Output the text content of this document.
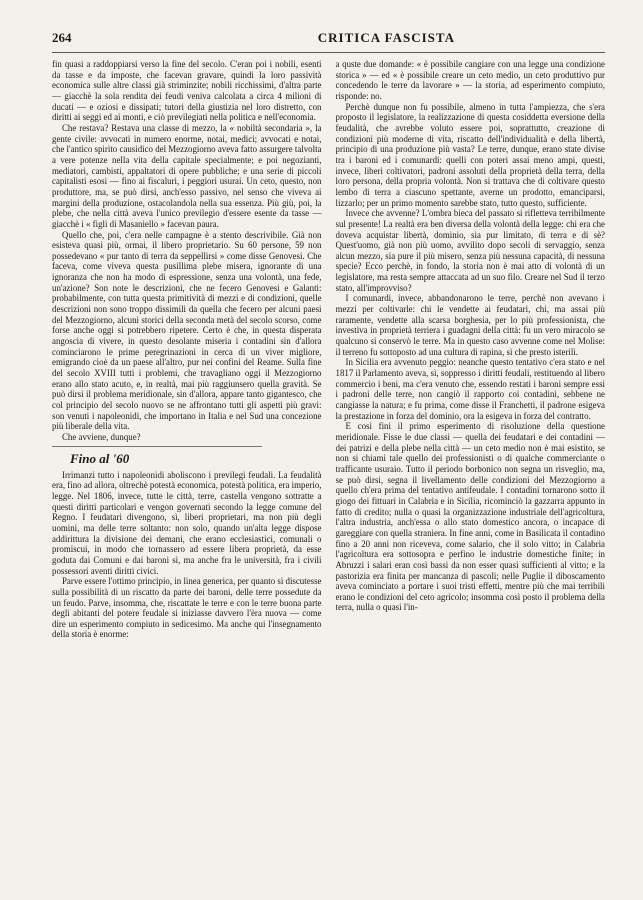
264	CRITICA FASCISTA

fin quasi a raddoppiarsi verso la fine del secolo. C'eran poi i nobili, esenti da tasse e da imposte, che facevan gravare, quindi la loro passività economica sulle altre classi già striminzite; nobili ricchissimi, d'altra parte — giacchè la sola rendita dei feudi veniva calcolata a circa 4 milioni di ducati — e oziosi e dissipati; tutori della giustizia nel loro distretto, con diritti ai seggi ed ai monti, e ciò previlegiati nella politica e nell'economia.

Che restava? Restava una classe di mezzo, la « nobiltà secondaria », la gente civile: avvocati in numero enorme, notai, medici; avvocati e notai, che l'antico spirito causidico del Mezzogiorno aveva fatto assurgere talvolta a vere potenze nella vita della capitale specialmente; e poi negozianti, mediatori, cambisti, appaltatori di opere pubbliche; e una serie di piccoli capitalisti esosi — fino ai fiscaluri, i peggiori usurai. Un ceto, questo, non produttore, ma, se può dirsi, anch'esso passivo, nel senso che viveva ai margini della produzione, ostacolandola nella sua essenza. Più giù, poi, la plebe, che nella città aveva l'unico previlegio d'essere esente da tasse — giacchè i « figli di Masaniello » facevan paura.

Quello che, poi, c'era nelle campagne è a stento descrivibile. Già non esisteva quasi più, ormai, il libero proprietario. Su 60 persone, 59 non possedevano « pur tanto di terra da seppellirsi » come disse Genovesi. Che faceva, come viveva questa pusillima plebe misera, ignorante di una ignoranza che non ha modo di espressione, senza una volontà, una fede, un'azione? Son note le descrizioni, che ne fecero Genovesi e Galanti: probabilmente, con tutta questa primitività di mezzi e di condizioni, quelle descrizioni non sono troppo dissimili da quella che fecero per alcuni paesi del Mezzogiorno, alcuni storici della seconda metà del secolo scorso, come forse anche oggi si potrebbero ripetere. Certo è che, in questa disperata angoscia di vivere, in questo desolante miseria i contadini sin d'allora cominciarono le prime peregrinazioni in cerca di un viver migliore, emigrando cioè da un paese all'altro, pur nei confini del Reame. Sulla fine del secolo XVIII tutti i problemi, che travagliano oggi il Mezzogiorno erano allo stato acuto, e, in realtà, mai più raggiunsero quella gravità. Se può dirsi il problema meridionale, sin d'allora, appare tanto gigantesco, che col principio del secolo nuovo se ne affrontano tutti gli aspetti più gravi: son venuti i napoleonidi, che importano in Italia e nel Sud una concezione più liberale della vita.

Che avviene, dunque?

Fino al '60

Irrimanzi tutto i napoleonidi aboliscono i previlegi feudali. La feudalità era, fino ad allora, oltrechè potestà economica, potestà politica, era imperio, legge. Nel 1806, invece, tutte le città, terre, castella vengono sottratte a questi diritti particolari e vengon governati secondo la legge comune del Regno. I feudatari divengono, sì, liberi proprietari, ma non più degli uomini, ma delle terre soltanto: non solo, quando un'alta legge dispose addirittura la divisione dei demani, che erano ecclesiastici, comunali o promiscui, in modo che tornassero ad essere libera proprietà, da esse goduta dai Comuni e dai baroni sì, ma anche fra le università, fra i civili possessori aventi diritti civici.

Parve essere l'ottimo principio, in linea generica, per quanto si discutesse sulla possibilità di un riscatto da parte dei baroni, delle terre possedute da un feudo. Parve, insomma, che, riscattate le terre e con le terre buona parte degli abitanti del potere feudale si iniziasse davvero l'èra nuova — come dire un esperimento compiuto in sedicesimo. Ma anche qui l'insegnamento della storia è enorme:

a quste due domande: « è possibile cangiare con una legge una condizione storica » — ed « è possibile creare un ceto medio, un ceto produttivo pur concedendo le terre da lavorare » — la storia, ad esperimento compiuto, risponde: no.

Perchè dunque non fu possibile, almeno in tutta l'ampiezza, che s'era proposto il legislatore, la realizzazione di questa cosiddetta eversione della feudalità, che avrebbe voluto essere poi, soprattutto, creazione di condizioni più moderne di vita, riscatto dell'individualità e della libertà, principio di una produzione più vasta? Le terre, dunque, erano state divise tra i baroni ed i comunardi: quelli con poteri assai meno ampi, questi, invece, liberi coltivatori, padroni assoluti della proprietà della terra, della loro persona, della propria volontà. Non si trattava che di coltivare questo lembo di terra a ciascuno spettante, averne un prodotto, emanciparsi, lizzarlo; per un primo momento sarebbe stato, tutto questo, sufficiente.

Invece che avvenne? L'ombra bieca del passato si rifletteva terribilmente sul presente! La realtà era ben diversa della volontà della legge: chi era che doveva acquistar libertà, dominio, sia pur limitato, di terra e di sè? Quest'uomo, già non più uomo, avvilito dopo secoli di servaggio, senza alcun mezzo, sia pure il più misero, senza più nessuna capacità, di nessuna specie? Ecco perchè, in fondo, la storia non è mai atto di volontà di un legislatore, ma resta sempre attaccata ad un suo filo. Creare nel Sud il terzo stato, all'improvviso?

I comunardi, invece, abbandonarono le terre, perchè non avevano i mezzi per coltivarle: chi le vendette ai feudatari, chi, ma assai più raramente, vendette alla scarsa borghesia, per lo più professionista, che investiva in proprietà terriera i guadagni della città: fu un vero miracolo se qualcuno si conservò le terre. Ma in questo caso avvenne come nel Molise: il terreno fu sottoposto ad una cultura di rapina, sì che presto isterilì.

In Sicilia era avvenuto peggio: neanche questo tentativo c'era stato e nel 1817 il Parlamento aveva, sì, soppresso i diritti feudali, restituendo al libero commercio i beni, ma c'era venuto che, essendo restati i baroni sempre essi i padroni delle terre, non cangiò il rapporto coi contadini, sebbene ne cangiasse la natura; e fu prima, come disse il Franchetti, il padrone esigeva la prestazione in forza del dominio, ora la esigeva in forza del contratto.

E così fini il primo esperimento di risoluzione della questione meridionale. Fisse le due classi — quella dei feudatari e dei contadini — dei patrizi e della plebe nella città — un ceto medio non è mai esistito, se non si chiami tale quello dei professionisti o di qualche commerciante o trafficante usuraio. Tutto il periodo borbonico non segna un risveglio, ma, se può dirsi, segna il livellamento delle condizioni del Mezzogiorno a quello ch'era prima del tentativo antifeudale. I contadini tornarono sotto il giogo dei fittuari in Calabria e in Sicilia, ricominciò la gazzarra appunto in fatto di credito; nulla o quasi la organizzazione industriale dell'agricoltura, l'altra industria, anch'essa o allo stato domestico ancora, o incapace di gareggiare con quella straniera. In fine anni, come in Basilicata il contadino fino a 20 anni non riceveva, come salario, che il solo vitto; in Calabria l'agricoltura era sottosopra e perfino le industrie domestiche finite; in Abruzzi i salari eran così bassi da non esser quasi sufficienti al vitto; e la pastorizia era finita per mancanza di pascoli; nelle Puglie il diboscamento aveva cominciato a portare i suoi tristi effetti, mentre più che mai terribili erano le condizioni del ceto agricolo; insomma così posto il problema della terra, nulla o quasi l'in-
